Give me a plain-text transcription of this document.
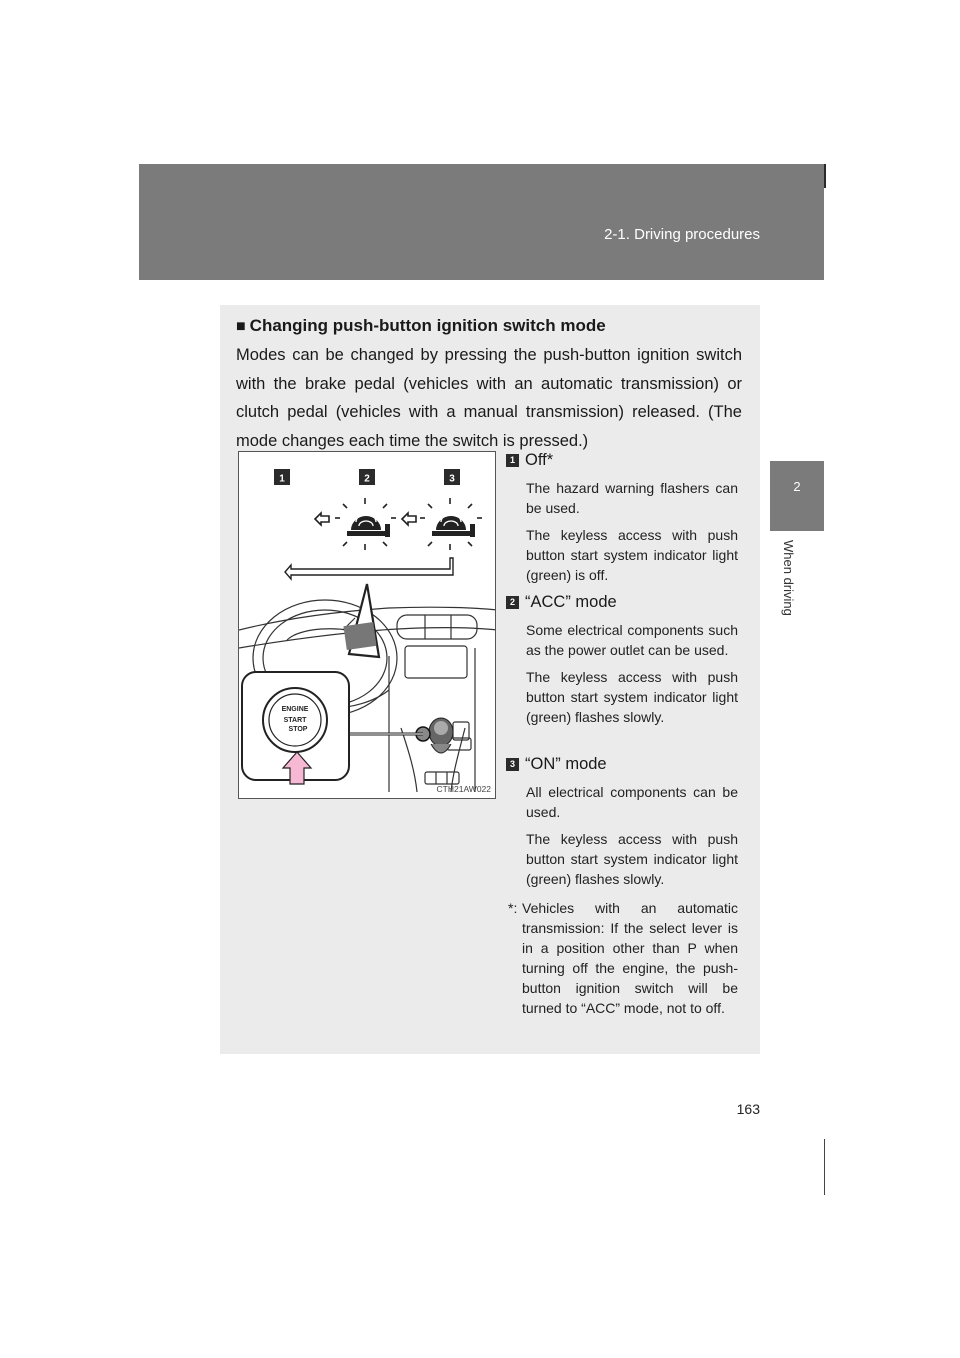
2-1. Driving procedures
2
When driving
163
■ Changing push-button ignition switch mode
Modes can be changed by pressing the push-button ignition switch with the brake pedal (vehicles with an automatic transmission) or clutch pedal (vehicles with a manual transmission) released. (The mode changes each time the switch is pressed.)
1	2	3
ENGINE
START
STOP
CTH21AW022
1 Off*

The hazard warning flashers can be used.

The keyless access with push button start system indicator light (green) is off.

2 “ACC” mode

Some electrical components such as the power outlet can be used.

The keyless access with push button start system indicator light (green) flashes slowly.

3 “ON” mode

All electrical components can be used.

The keyless access with push button start system indicator light (green) flashes slowly.

*: Vehicles with an automatic transmission: If the select lever is in a position other than P when turning off the engine, the push-button ignition switch will be turned to “ACC” mode, not to off.
